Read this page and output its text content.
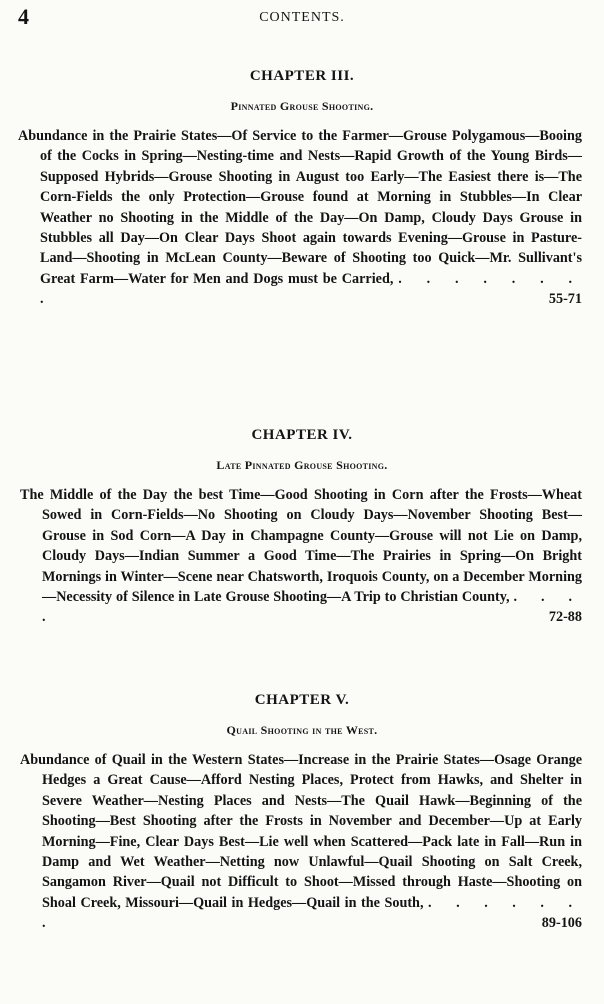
4	CONTENTS.
CHAPTER III.
Pinnated Grouse Shooting.

Abundance in the Prairie States—Of Service to the Farmer—Grouse Polygamous—Booing of the Cocks in Spring—Nesting-time and Nests—Rapid Growth of the Young Birds—Supposed Hybrids—Grouse Shooting in August too Early—The Easiest there is—The Corn-Fields the only Protection—Grouse found at Morning in Stubbles—In Clear Weather no Shooting in the Middle of the Day—On Damp, Cloudy Days Grouse in Stubbles all Day—On Clear Days Shoot again towards Evening—Grouse in Pasture-Land—Shooting in McLean County—Beware of Shooting too Quick—Mr. Sullivant's Great Farm—Water for Men and Dogs must be Carried, . . . . . . . .	55-71

CHAPTER IV.
Late Pinnated Grouse Shooting.

The Middle of the Day the best Time—Good Shooting in Corn after the Frosts—Wheat Sowed in Corn-Fields—No Shooting on Cloudy Days—November Shooting Best—Grouse in Sod Corn—A Day in Champagne County—Grouse will not Lie on Damp, Cloudy Days—Indian Summer a Good Time—The Prairies in Spring—On Bright Mornings in Winter—Scene near Chatsworth, Iroquois County, on a December Morning—Necessity of Silence in Late Grouse Shooting—A Trip to Christian County, . . . .	72-88

CHAPTER V.
Quail Shooting in the West.

Abundance of Quail in the Western States—Increase in the Prairie States—Osage Orange Hedges a Great Cause—Afford Nesting Places, Protect from Hawks, and Shelter in Severe Weather—Nesting Places and Nests—The Quail Hawk—Beginning of the Shooting—Best Shooting after the Frosts in November and December—Up at Early Morning—Fine, Clear Days Best—Lie well when Scattered—Pack late in Fall—Run in Damp and Wet Weather—Netting now Unlawful—Quail Shooting on Salt Creek, Sangamon River—Quail not Difficult to Shoot—Missed through Haste—Shooting on Shoal Creek, Missouri—Quail in Hedges—Quail in the South, . . . . . . .	89-106
